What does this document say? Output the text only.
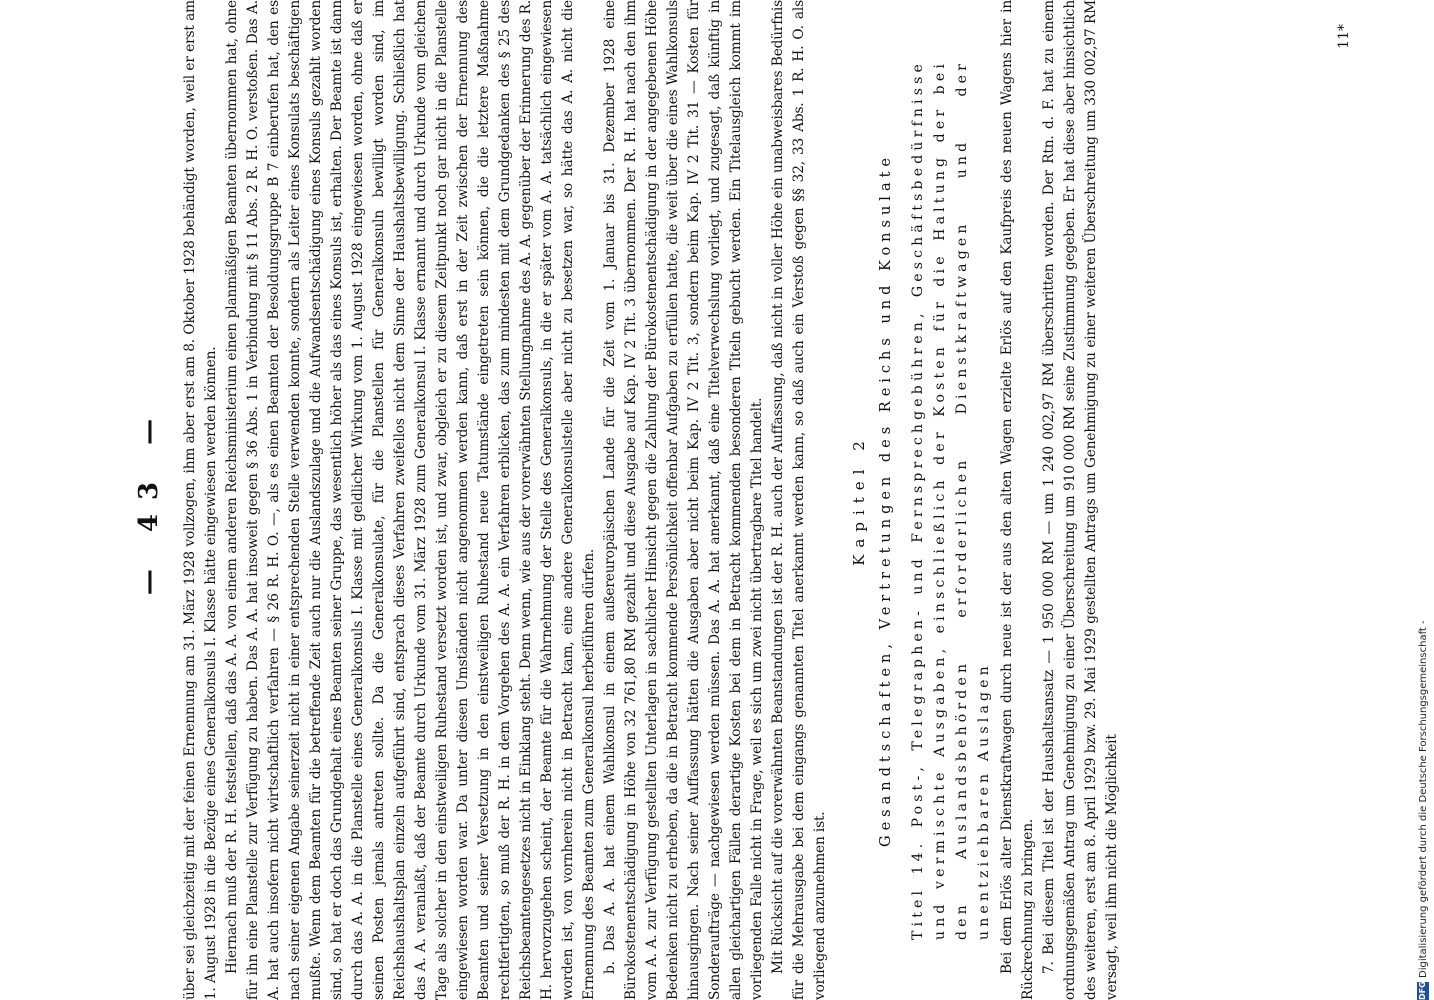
DFG
Digitalisierung gefördert durch die Deutsche Forschungsgemeinschaft -
— 43 — über sei gleichzeitig mit der feinen Ernennung am 31. März 1928 vollzogen, ihm aber erst am 8. Oktober 1928 behändigt worden, weil er erst am 1. August 1928 in die Bezüge eines Generalkonsuls I. Klasse hätte eingewiesen werden können. Hiernach muß der R. H. feststellen, daß das A. A. von einem anderen Reichsministerium einen planmäßigen Beamten übernommen hat, ohne für ihn eine Planstelle zur Verfügung zu haben. Das A. A. hat insoweit gegen § 36 Abs. 1 in Verbindung mit § 11 Abs. 2 R. H. O. verstoßen. Das A. A. hat auch insofern nicht wirtschaftlich verfahren — § 26 R. H. O. —, als es einen Beamten der Besoldungsgruppe B 7 einberufen hat, den es nach seiner eigenen Angabe seinerzeit nicht in einer entsprechenden Stelle verwenden konnte, sondern als Leiter eines Konsulats beschäftigen mußte. Wenn dem Beamten für die betreffende Zeit auch nur die Auslandszulage und die Aufwandsentschädigung eines Konsuls gezahlt worden sind, so hat er doch das Grundgehalt eines Beamten seiner Gruppe, das wesentlich höher als das eines Konsuls ist, erhalten. Der Beamte ist dann durch das A. A. in die Planstelle eines Generalkonsuls I. Klasse mit geldlicher Wirkung vom 1. August 1928 eingewiesen worden, ohne daß er seinen Posten jemals antreten sollte. Da die Generalkonsulate, für die Planstellen für Generalkonsuln bewilligt worden sind, im Reichshaushaltsplan einzeln aufgeführt sind, entsprach dieses Verfahren zweifellos nicht dem Sinne der Haushaltsbewilligung. Schließlich hat das A. A. veranlaßt, daß der Beamte durch Urkunde vom 31. März 1928 zum Generalkonsul I. Klasse ernannt und durch Urkunde vom gleichen Tage als solcher in den einstweiligen Ruhestand versetzt worden ist, und zwar, obgleich er zu diesem Zeitpunkt noch gar nicht in die Planstelle eingewiesen worden war. Da unter diesen Umständen nicht angenommen werden kann, daß erst in der Zeit zwischen der Ernennung des Beamten und seiner Versetzung in den einstweiligen Ruhestand neue Tatumstände eingetreten sein können, die die letztere Maßnahme rechtfertigten, so muß der R. H. in dem Vorgehen des A. A. ein Verfahren erblicken, das zum mindesten mit dem Grundgedanken des § 25 des Reichsbeamtengesetzes nicht in Einklang steht. Denn wenn, wie aus der vorerwähnten Stellungnahme des A. A. gegenüber der Erinnerung des R. H. hervorzugehen scheint, der Beamte für die Wahrnehmung der Stelle des Generalkonsuls, in die er später vom A. A. tatsächlich eingewiesen worden ist, von vornherein nicht in Betracht kam, eine andere Generalkonsulstelle aber nicht zu besetzen war, so hätte das A. A. nicht die Ernennung des Beamten zum Generalkonsul herbeiführen dürfen. b. Das A. A. hat einem Wahlkonsul in einem außereuropäischen Lande für die Zeit vom 1. Januar bis 31. Dezember 1928 eine Bürokostenentschädigung in Höhe von 32 761,80 RM gezahlt und diese Ausgabe auf Kap. IV 2 Tit. 3 übernommen. Der R. H. hat nach den ihm vom A. A. zur Verfügung gestellten Unterlagen in sachlicher Hinsicht gegen die Zahlung der Bürokostenentschädigung in der angegebenen Höhe Bedenken nicht zu erheben, da die in Betracht kommende Persönlichkeit offenbar Aufgaben zu erfüllen hatte, die weit über die eines Wahlkonsuls hinausgingen. Nach seiner Auffassung hätten die Ausgaben aber nicht beim Kap. IV 2 Tit. 3, sondern beim Kap. IV 2 Tit. 31 — Kosten für Sonderaufträge — nachgewiesen werden müssen. Das A. A. hat anerkannt, daß eine Titelverwechslung vorliegt, und zugesagt, daß künftig in allen gleichartigen Fällen derartige Kosten bei dem in Betracht kommenden besonderen Titeln gebucht werden. Ein Titelausgleich kommt im vorliegenden Falle nicht in Frage, weil es sich um zwei nicht übertragbare Titel handelt. Mit Rücksicht auf die vorerwähnten Beanstandungen ist der R. H. auch der Auffassung, daß nicht in voller Höhe ein unabweisbares Bedürfnis für die Mehrausgabe bei dem eingangs genannten Titel anerkannt werden kann, so daß auch ein Verstoß gegen §§ 32, 33 Abs. 1 R. H. O. als vorliegend anzunehmen ist.

Kapitel 2 Gesandtschaften, Vertretungen des Reichs und Konsulate Titel 14. Post-, Telegraphen- und Fernsprechgebühren, Geschäftsbedürfnisse und vermischte Ausgaben, einschließlich der Kosten für die Haltung der bei den Auslandsbehörden erforderlichen Dienstkraftwagen und der unentziehbaren Auslagen Bei dem Erlös alter Dienstkraftwagen durch neue ist der aus den alten Wagen erzielte Erlös auf den Kaufpreis des neuen Wagens hier in Rückrechnung zu bringen. 7. Bei diesem Titel ist der Haushaltsansatz — 1 950 000 RM — um 1 240 002,97 RM überschritten worden. Der Rtn. d. F. hat zu einem ordnungsgemäßen Antrag um Genehmigung zu einer Überschreitung um 910 000 RM seine Zustimmung gegeben. Er hat diese aber hinsichtlich des weiteren, erst am 8. April 1929 bzw. 29. Mai 1929 gestellten Antrags um Genehmigung zu einer weiteren Überschreitung um 330 002,97 RM versagt, weil ihm nicht die Möglichkeit

11*
